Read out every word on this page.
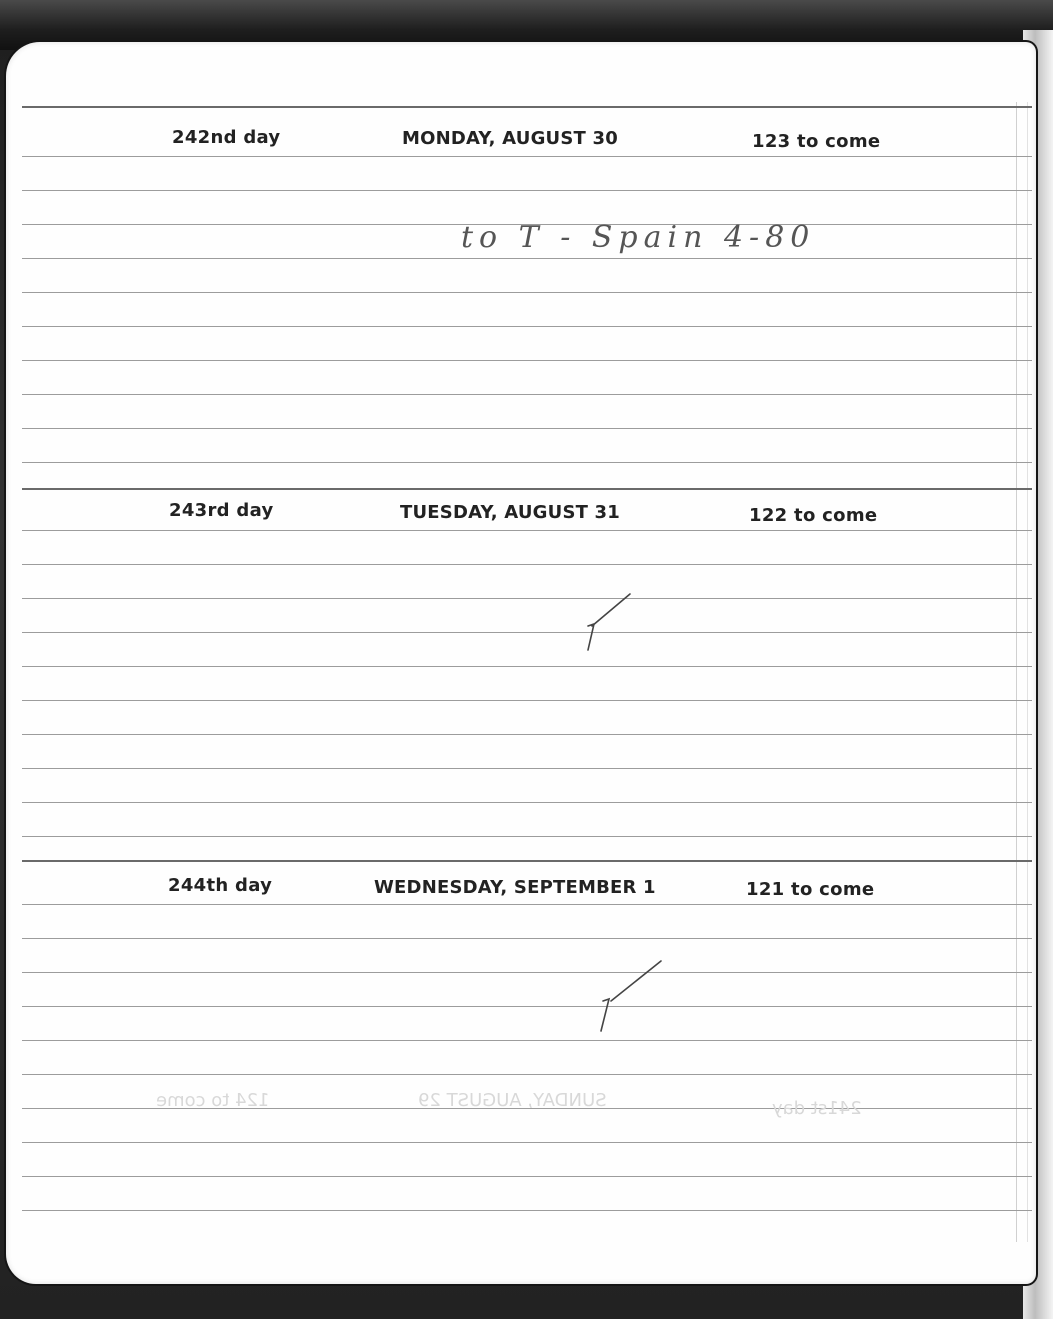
242nd day	MONDAY, AUGUST 30	123 to come
to T - Spain 4-80
243rd day	TUESDAY, AUGUST 31	122 to come
244th day	WEDNESDAY, SEPTEMBER 1	121 to come
124 to come	SUNDAY, AUGUST 29	241st day
